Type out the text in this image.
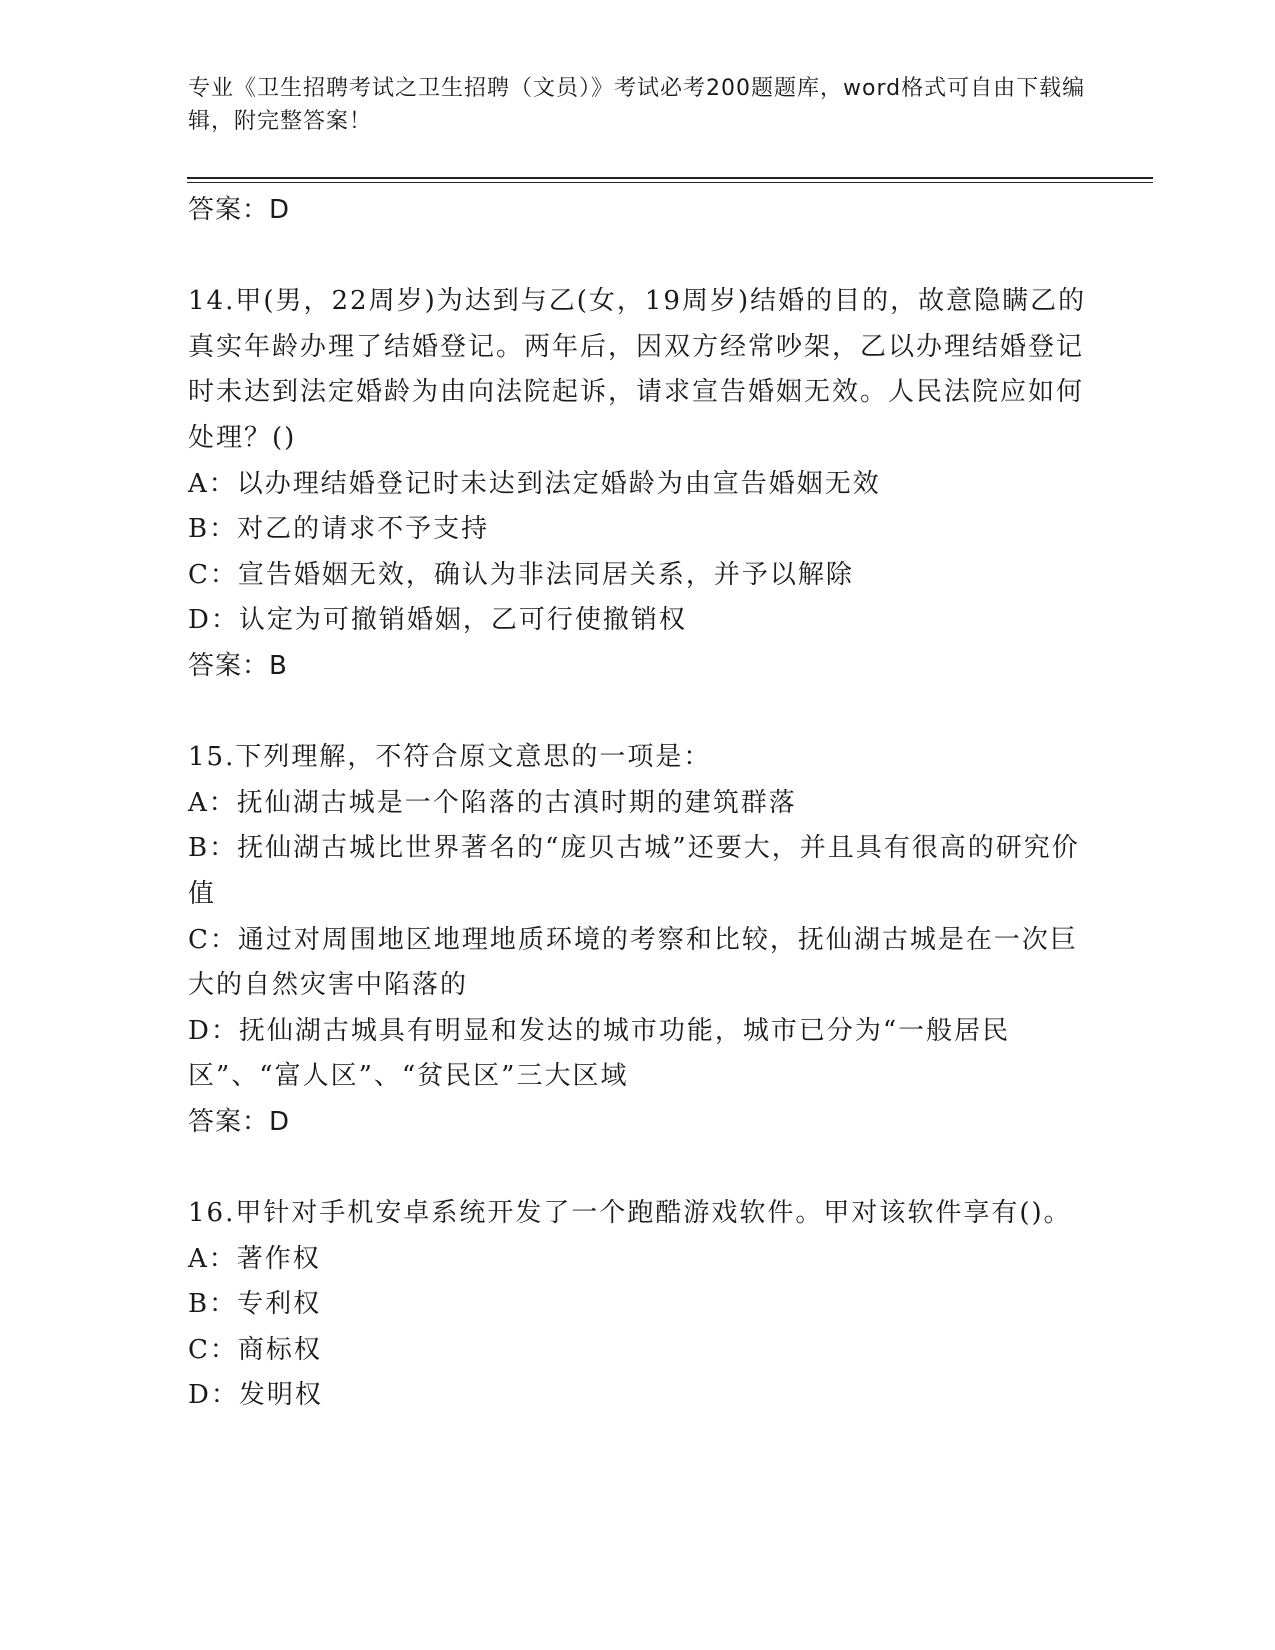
专业《卫生招聘考试之卫生招聘（文员）》考试必考200题题库，word格式可自由下载编辑，附完整答案！

答案：D

14.甲(男，22周岁)为达到与乙(女，19周岁)结婚的目的，故意隐瞒乙的真实年龄办理了结婚登记。两年后，因双方经常吵架，乙以办理结婚登记时未达到法定婚龄为由向法院起诉，请求宣告婚姻无效。人民法院应如何处理？()

A：以办理结婚登记时未达到法定婚龄为由宣告婚姻无效

B：对乙的请求不予支持

C：宣告婚姻无效，确认为非法同居关系，并予以解除

D：认定为可撤销婚姻，乙可行使撤销权

答案：B

15.下列理解，不符合原文意思的一项是：

A：抚仙湖古城是一个陷落的古滇时期的建筑群落

B：抚仙湖古城比世界著名的“庞贝古城”还要大，并且具有很高的研究价值

C：通过对周围地区地理地质环境的考察和比较，抚仙湖古城是在一次巨大的自然灾害中陷落的

D：抚仙湖古城具有明显和发达的城市功能，城市已分为“一般居民区”、“富人区”、“贫民区”三大区域

答案：D

16.甲针对手机安卓系统开发了一个跑酷游戏软件。甲对该软件享有()。

A：著作权

B：专利权

C：商标权

D：发明权
